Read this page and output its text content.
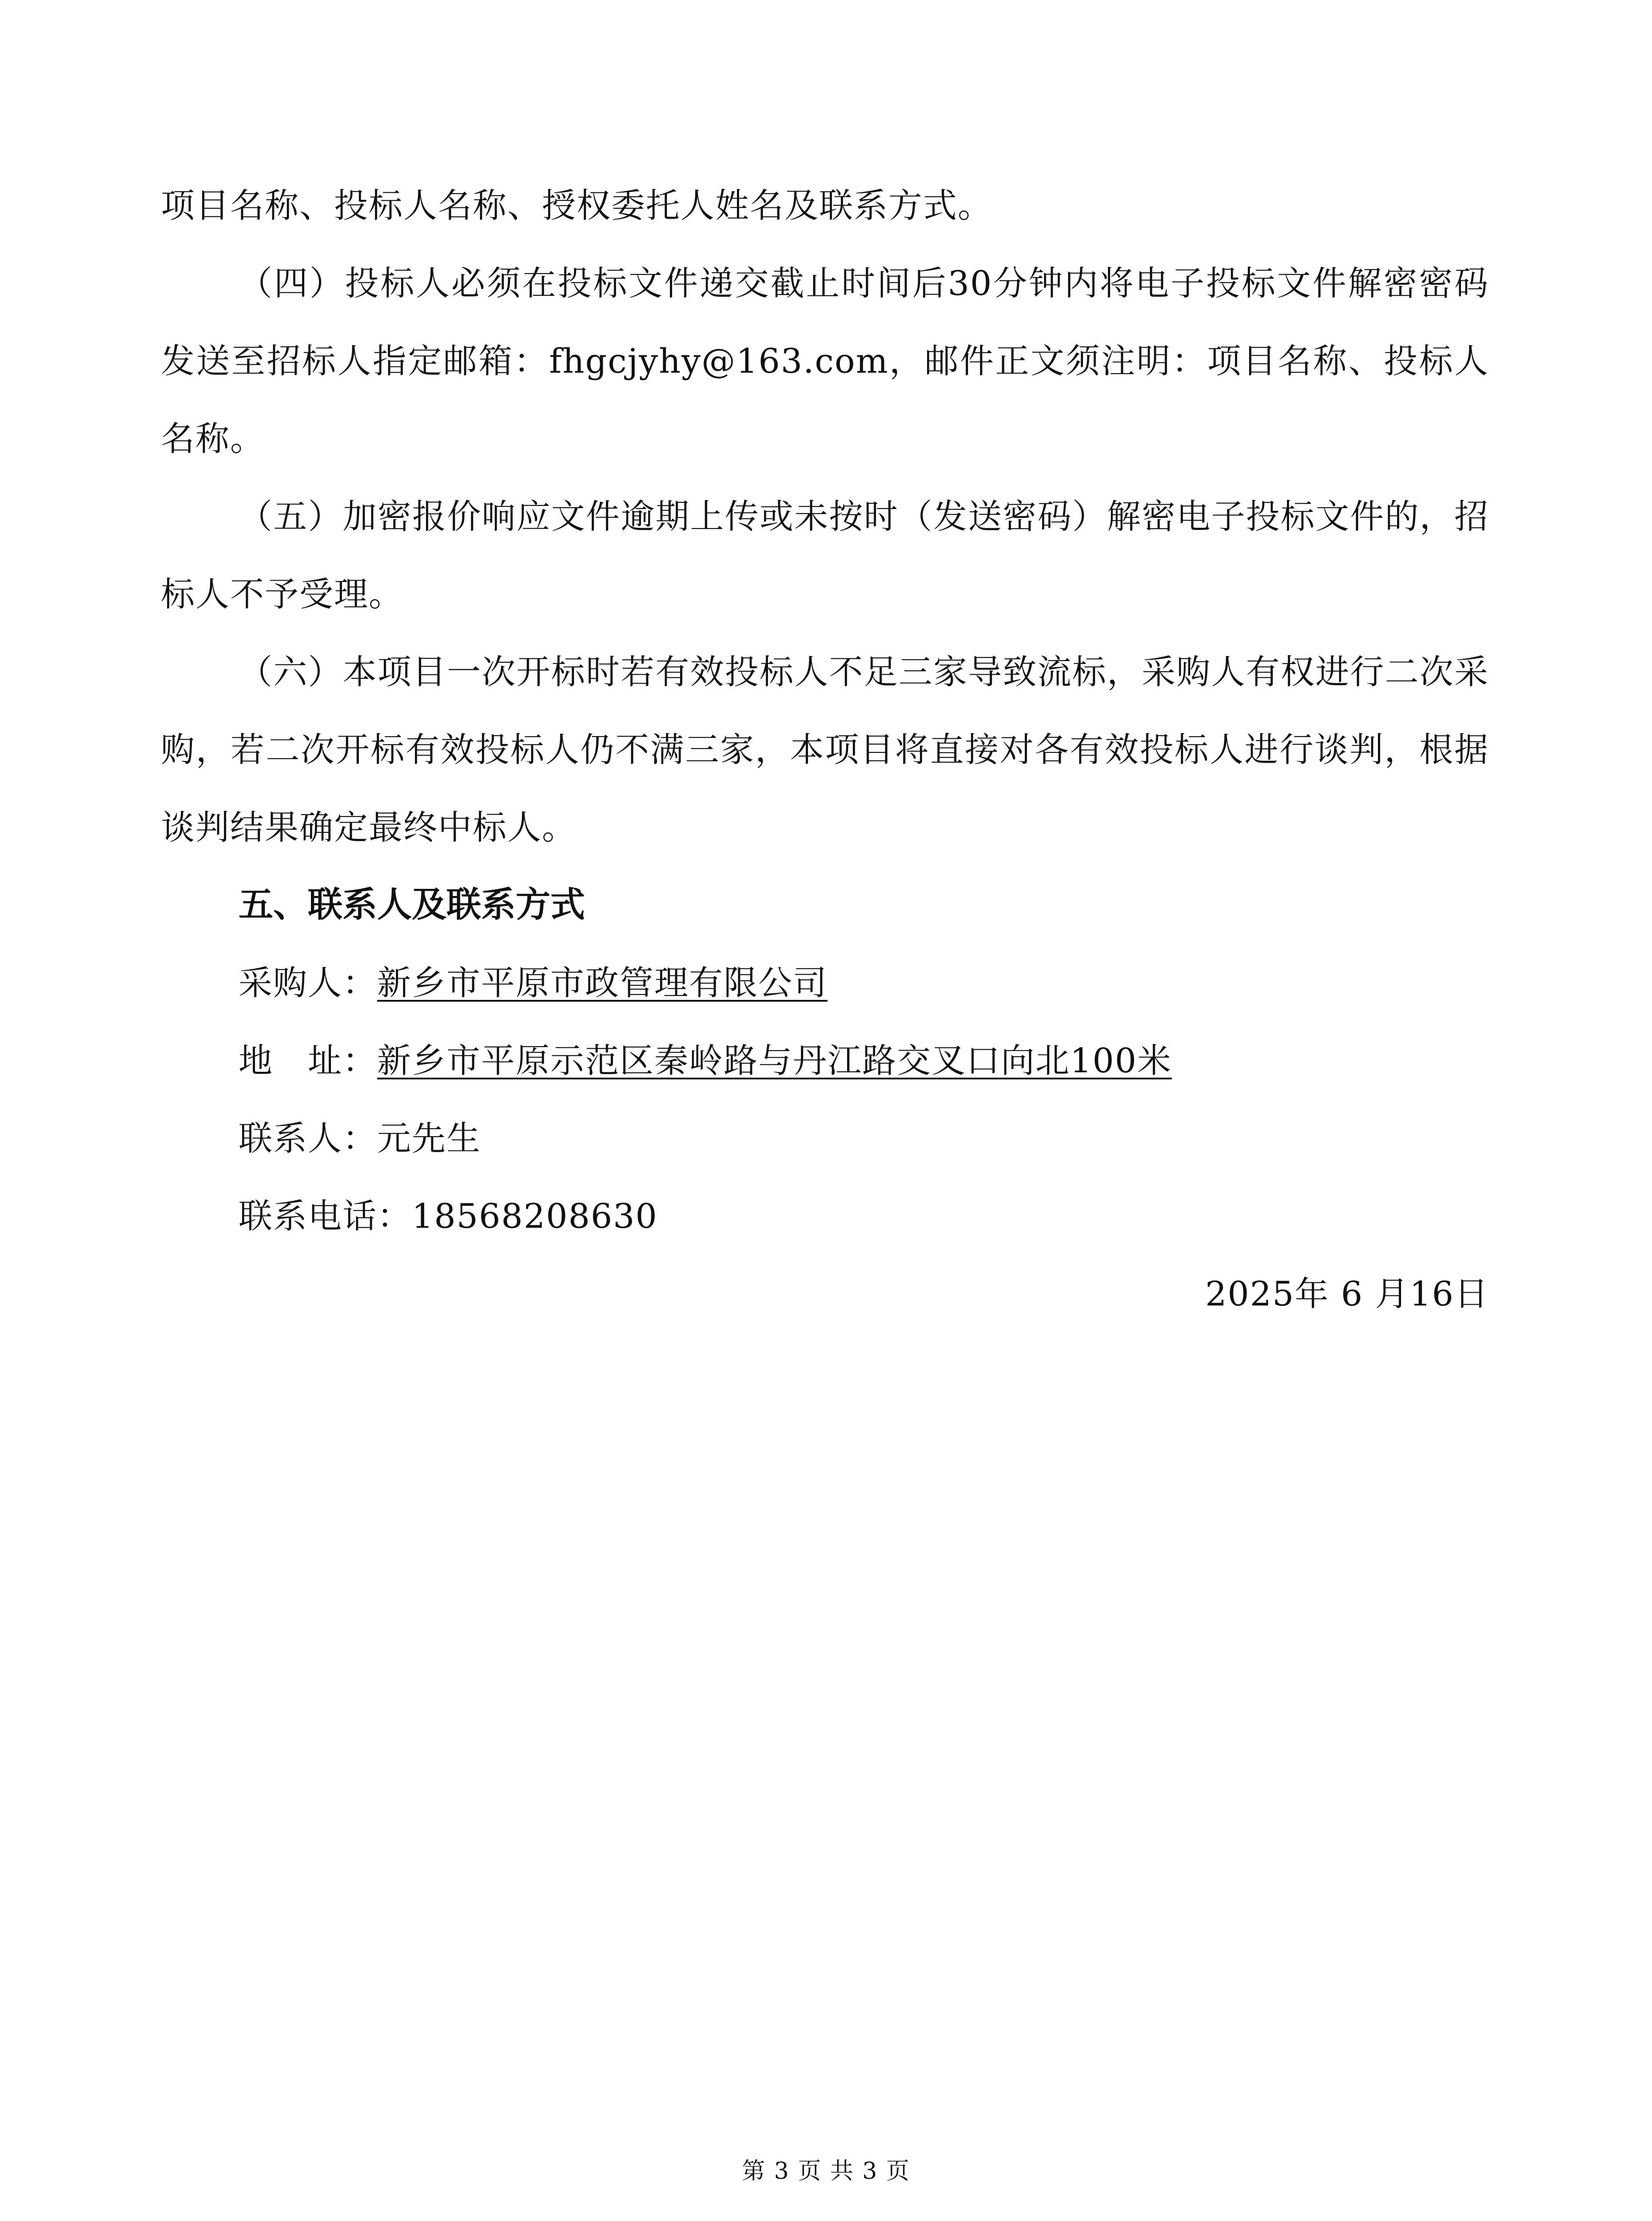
项目名称、投标人名称、授权委托人姓名及联系方式。

（四）投标人必须在投标文件递交截止时间后30分钟内将电子投标文件解密密码发送至招标人指定邮箱：fhgcjyhy@163.com，邮件正文须注明：项目名称、投标人名称。

（五）加密报价响应文件逾期上传或未按时（发送密码）解密电子投标文件的，招标人不予受理。

（六）本项目一次开标时若有效投标人不足三家导致流标，采购人有权进行二次采购，若二次开标有效投标人仍不满三家，本项目将直接对各有效投标人进行谈判，根据谈判结果确定最终中标人。

五、联系人及联系方式

采购人：新乡市平原市政管理有限公司

地　址：新乡市平原示范区秦岭路与丹江路交叉口向北100米

联系人：元先生

联系电话：18568208630

2025年 6 月16日

第 3 页 共 3 页
